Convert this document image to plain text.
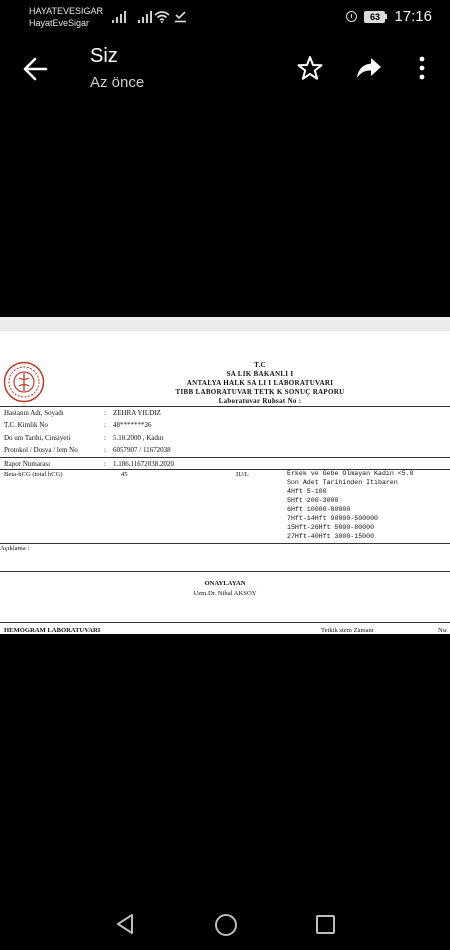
HAYATEVESIGAR
HayatEveSigar
63 17:16
Siz
Az önce
T.C
SA LIK BAKANLI I
ANTALYA HALK SA LI I LABORATUVARI
TIBB LABORATUVAR TETK K SONUÇ RAPORU
Laboratuvar Ruhsat No :
Hastanın Adı, Soyadı	: ZEHRA YILDIZ
T.C. Kimlik No	: 48*******26
Do um Tarihi, Cinsiyeti	: 5.10.2000 , Kadın
Protokol / Dosya / lem No	: 6057907 / 11672038
Rapor Numarası	: 1.186.11672038.2020
Beta-hCG (total hCG)	45	IU/L	Erkek ve Gebe Olmayan Kadın <5.0
Son Adet Tarihinden Itibaren
4Hft 5-100
5Hft 200-3000
6Hft 10000-80000
7Hft-14Hft 90000-500000
15Hft-26Hft 5000-80000
27Hft-40Hft 3000-15000
Açıklama :
ONAYLAYAN
Uzm.Dr. Nihal AKSOY
HEMOGRAM LABORATUVARI	Tetkik stem Zamanı	Nu
